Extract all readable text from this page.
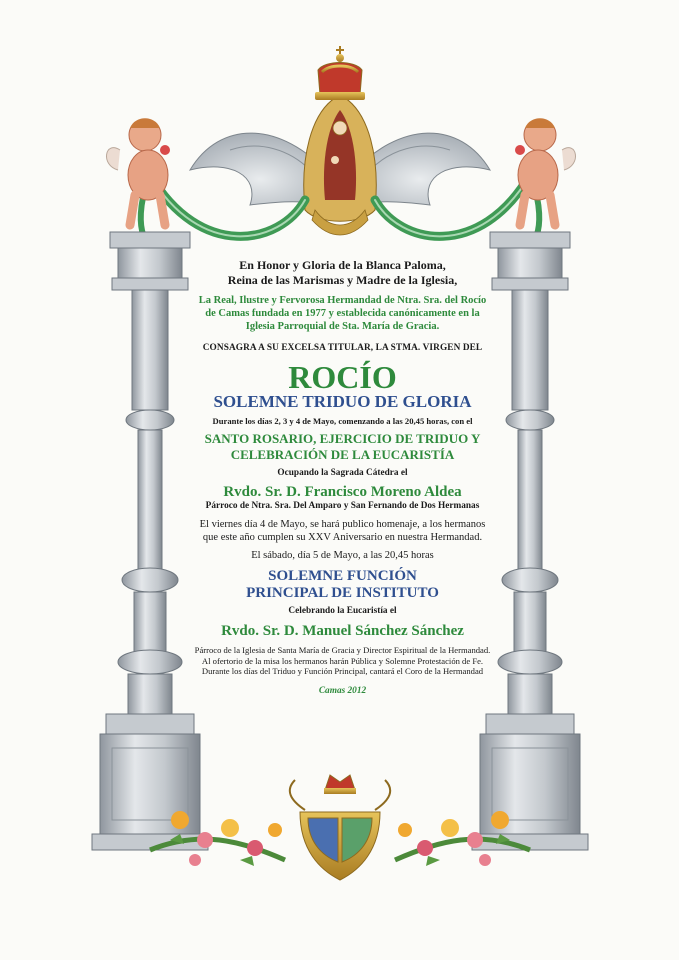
En Honor y Gloria de la Blanca Paloma,

Reina de las Marismas y Madre de la Iglesia,

La Real, Ilustre y Fervorosa Hermandad de Ntra. Sra. del Rocío

de Camas fundada en 1977 y establecida canónicamente en la

Iglesia Parroquial de Sta. María de Gracia.

CONSAGRA A SU EXCELSA TITULAR, LA STMA. VIRGEN DEL

ROCÍO

SOLEMNE TRIDUO DE GLORIA

Durante los días 2, 3 y 4 de Mayo, comenzando a las 20,45 horas, con el

SANTO ROSARIO, EJERCICIO DE TRIDUO Y

CELEBRACIÓN DE LA EUCARISTÍA

Ocupando la Sagrada Cátedra el

Rvdo. Sr. D. Francisco Moreno Aldea

Párroco de Ntra. Sra. Del Amparo y San Fernando de Dos Hermanas

El viernes día 4 de Mayo, se hará publico homenaje, a los hermanos

que este año cumplen su XXV Aniversario en nuestra Hermandad.

El sábado, día 5 de Mayo, a las 20,45 horas

SOLEMNE FUNCIÓN

PRINCIPAL DE INSTITUTO

Celebrando la Eucaristía el

Rvdo. Sr. D. Manuel Sánchez Sánchez

Párroco de la Iglesia de Santa María de Gracia y Director Espiritual de la Hermandad.

Al ofertorio de la misa los hermanos harán Pública y Solemne Protestación de Fe.

Durante los días del Triduo y Función Principal, cantará el Coro de la Hermandad

Camas 2012
